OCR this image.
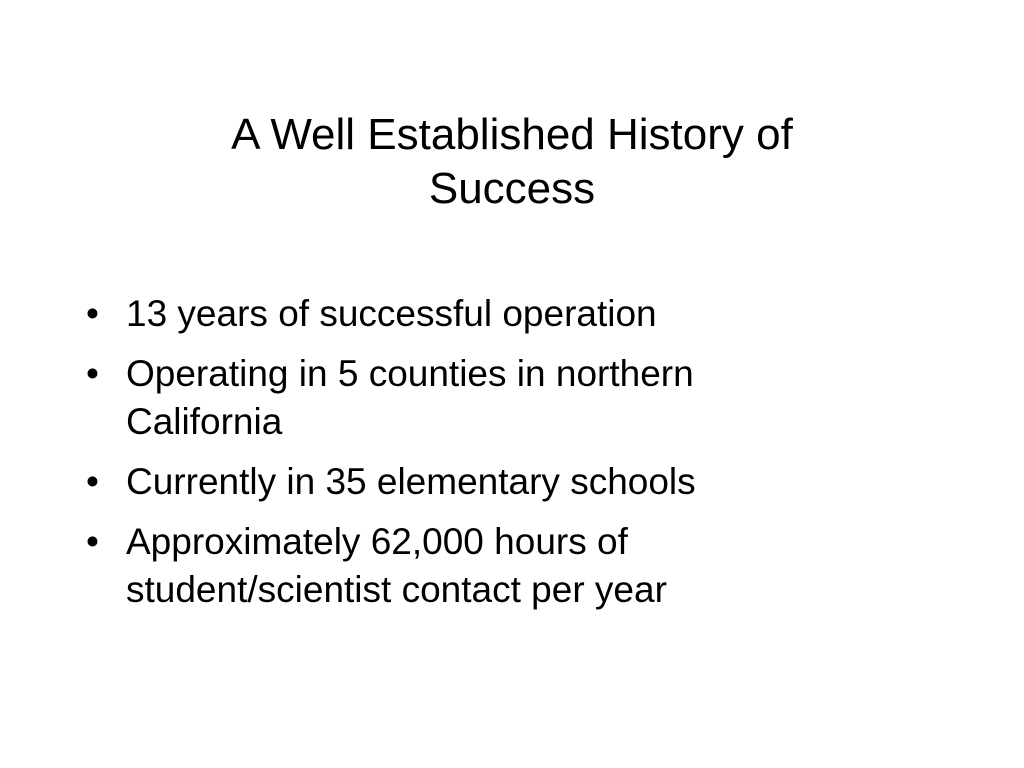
A Well Established History of
Success
• 13 years of successful operation
• Operating in 5 counties in northern
California
• Currently in 35 elementary schools
• Approximately 62,000 hours of
student/scientist contact per year
